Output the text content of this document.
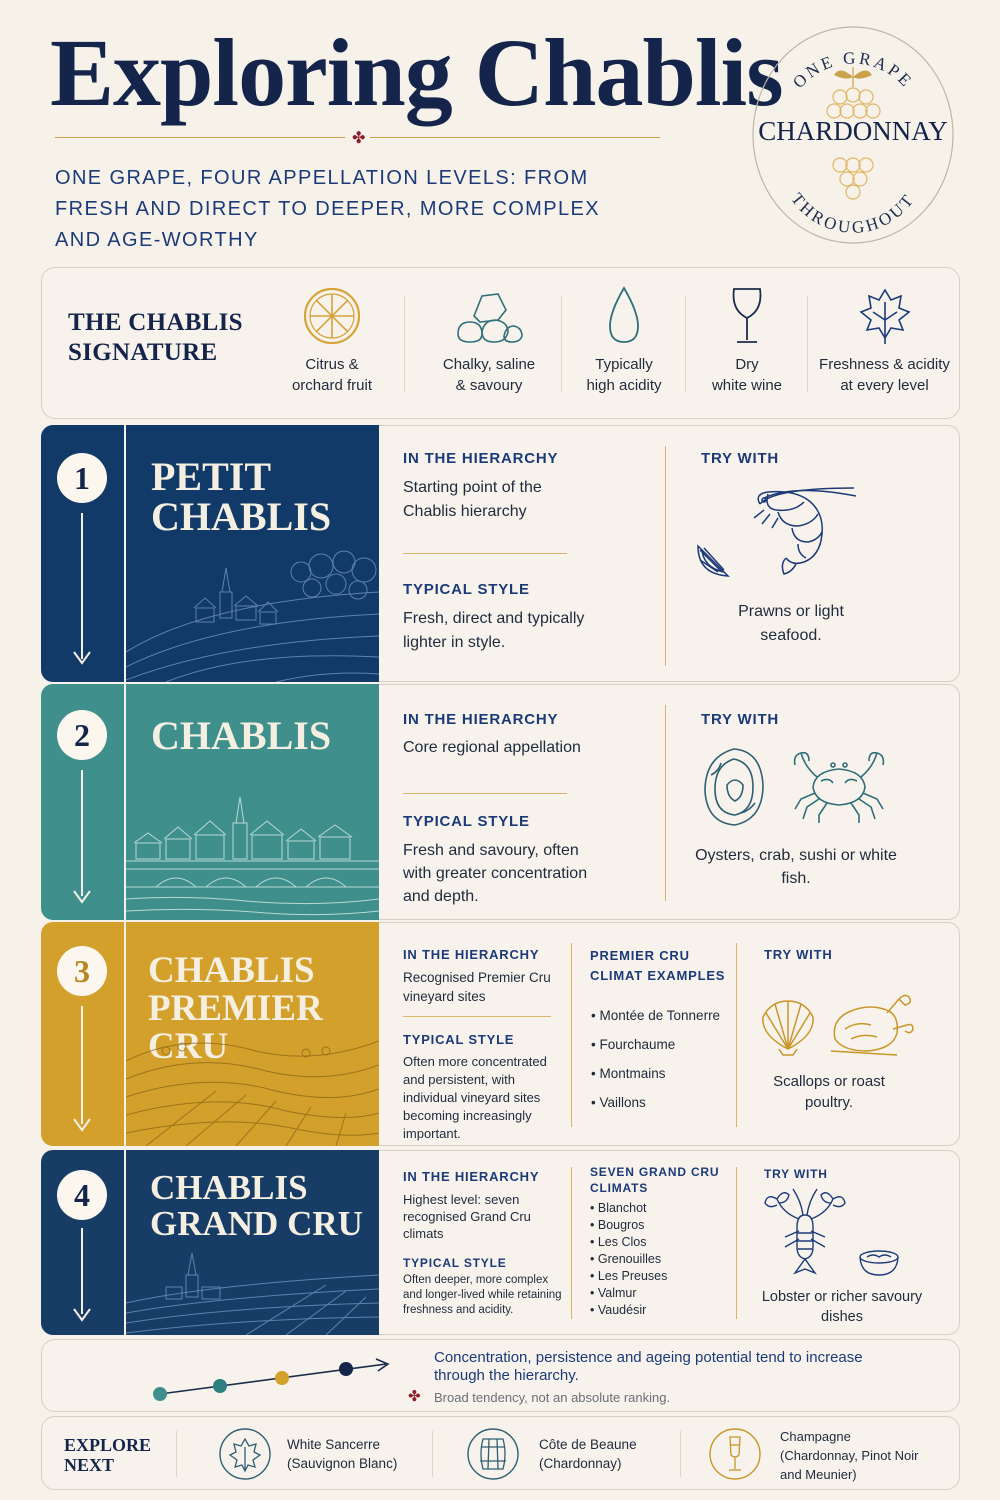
Exploring Chablis
✤

ONE GRAPE, FOUR APPELLATION LEVELS: FROM FRESH AND DIRECT TO DEEPER, MORE COMPLEX AND AGE-WORTHY

ONE GRAPE
THROUGHOUT
CHARDONNAY
THE CHABLIS
SIGNATURE	Citrus &
orchard fruit
Chalky, saline
& savoury
Typically
high acidity
Dry
white wine
Freshness & acidity
at every level
1	PETIT
CHABLIS
IN THE HIERARCHY

Starting point of the Chablis hierarchy

TYPICAL STYLE

Fresh, direct and typically lighter in style.

TRY WITH

Prawns or light seafood.

2	CHABLIS	IN THE HIERARCHY

Core regional appellation

TYPICAL STYLE

Fresh and savoury, often with greater concentration and depth.

TRY WITH

Oysters, crab, sushi or white fish.

3	CHABLIS
PREMIER CRU
IN THE HIERARCHY

Recognised Premier Cru vineyard sites

TYPICAL STYLE

Often more concentrated and persistent, with individual vineyard sites becoming increasingly important.

PREMIER CRU CLIMAT EXAMPLES
• Montée de Tonnerre
• Fourchaume
• Montmains
• Vaillons
TRY WITH

Scallops or roast poultry.

4	CHABLIS
GRAND CRU
IN THE HIERARCHY

Highest level: seven recognised Grand Cru climats

TYPICAL STYLE

Often deeper, more complex and longer-lived while retaining freshness and acidity.

SEVEN GRAND CRU CLIMATS
• Blanchot
• Bougros
• Les Clos
• Grenouilles
• Les Preuses
• Valmur
• Vaudésir
TRY WITH

Lobster or richer savoury dishes

Concentration, persistence and ageing potential tend to increase through the hierarchy.

✤ Broad tendency, not an absolute ranking.

EXPLORE
NEXT

White Sancerre
(Sauvignon Blanc)

Côte de Beaune
(Chardonnay)

Champagne
(Chardonnay, Pinot Noir
and Meunier)
